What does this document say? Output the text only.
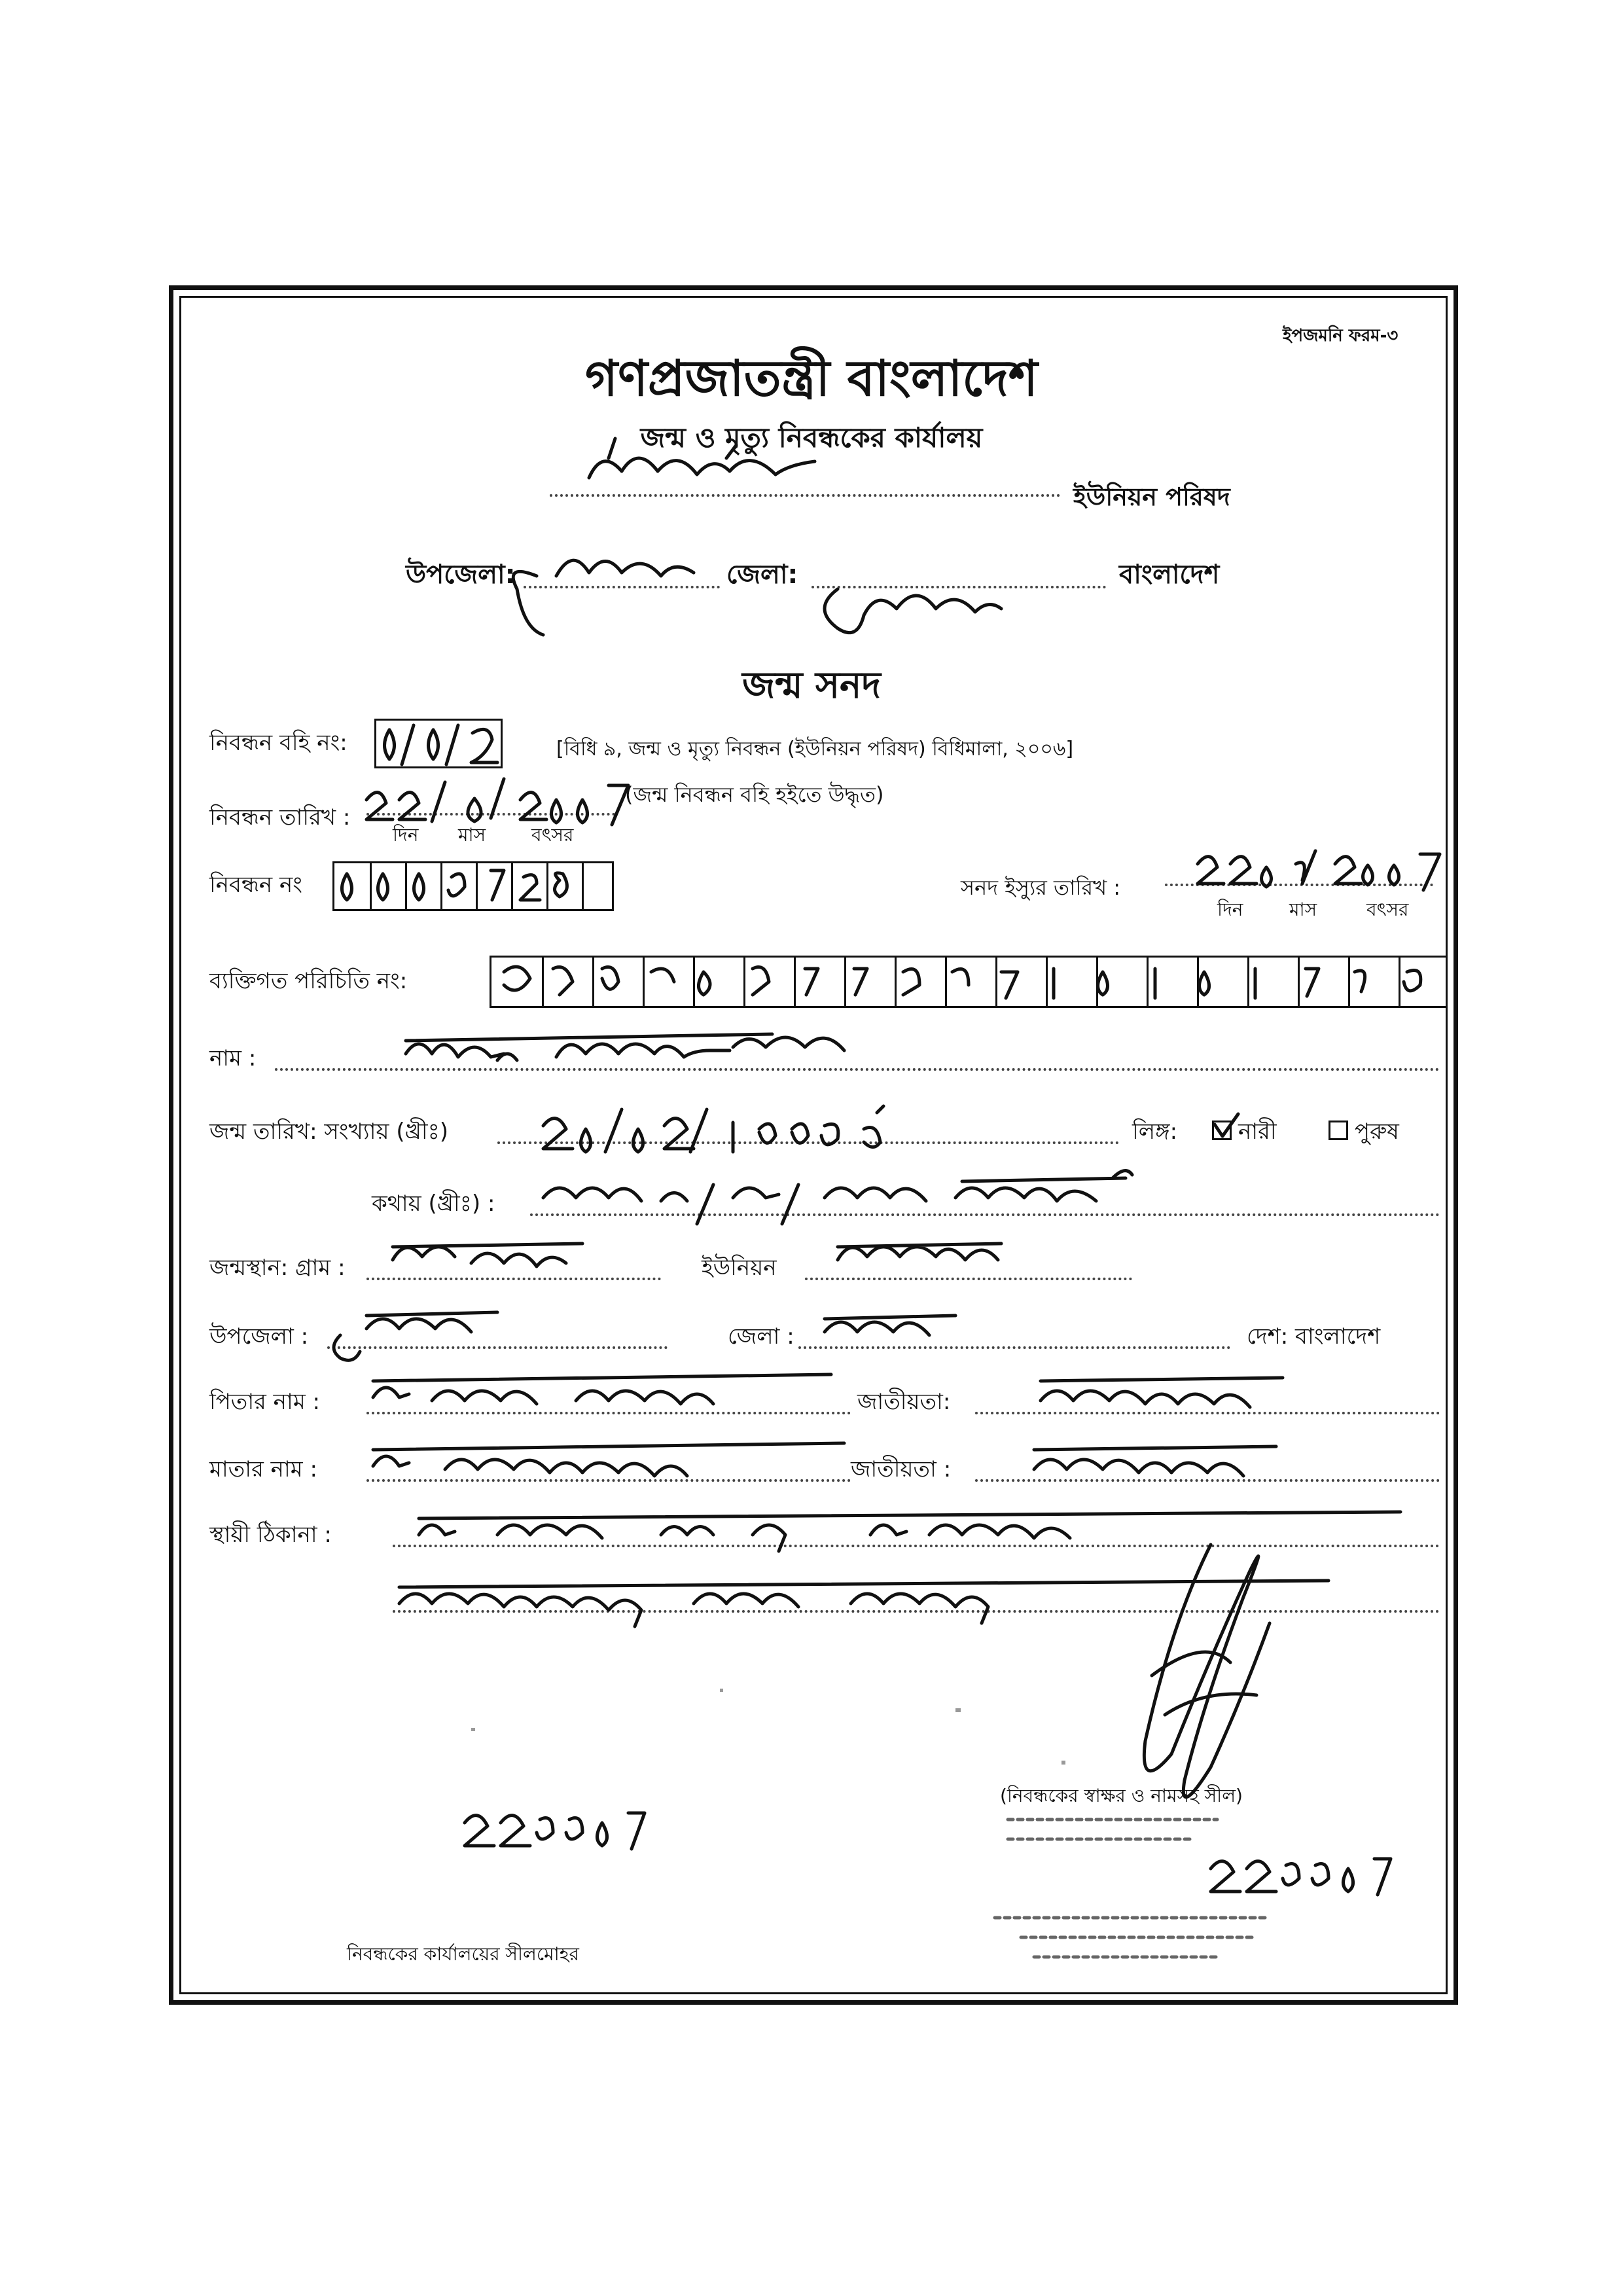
ইপজমনি ফরম-৩
গণপ্রজাতন্ত্রী বাংলাদেশ
জন্ম ও মৃত্যু নিবন্ধকের কার্যালয়
ইউনিয়ন পরিষদ
উপজেলা:	জেলা:	বাংলাদেশ
জন্ম সনদ
নিবন্ধন বহি নং:	[বিধি ৯, জন্ম ও মৃত্যু নিবন্ধন (ইউনিয়ন পরিষদ) বিধিমালা, ২০০৬]
নিবন্ধন তারিখ :
(জন্ম নিবন্ধন বহি হইতে উদ্ধৃত)
দিন মাস বৎসর
নিবন্ধন নং	সনদ ইস্যুর তারিখ :
দিন	মাস	বৎসর
ব্যক্তিগত পরিচিতি নং:
নাম :
জন্ম তারিখ: সংখ্যায় (খ্রীঃ)	লিঙ্গ:	নারী	পুরুষ
কথায় (খ্রীঃ) :
জন্মস্থান: গ্রাম :	ইউনিয়ন
উপজেলা :	জেলা :	দেশ: বাংলাদেশ
পিতার নাম :	জাতীয়তা:
মাতার নাম :	জাতীয়তা :
স্থায়ী ঠিকানা :
(নিবন্ধকের স্বাক্ষর ও নামসহ সীল)
নিবন্ধকের কার্যালয়ের সীলমোহর
